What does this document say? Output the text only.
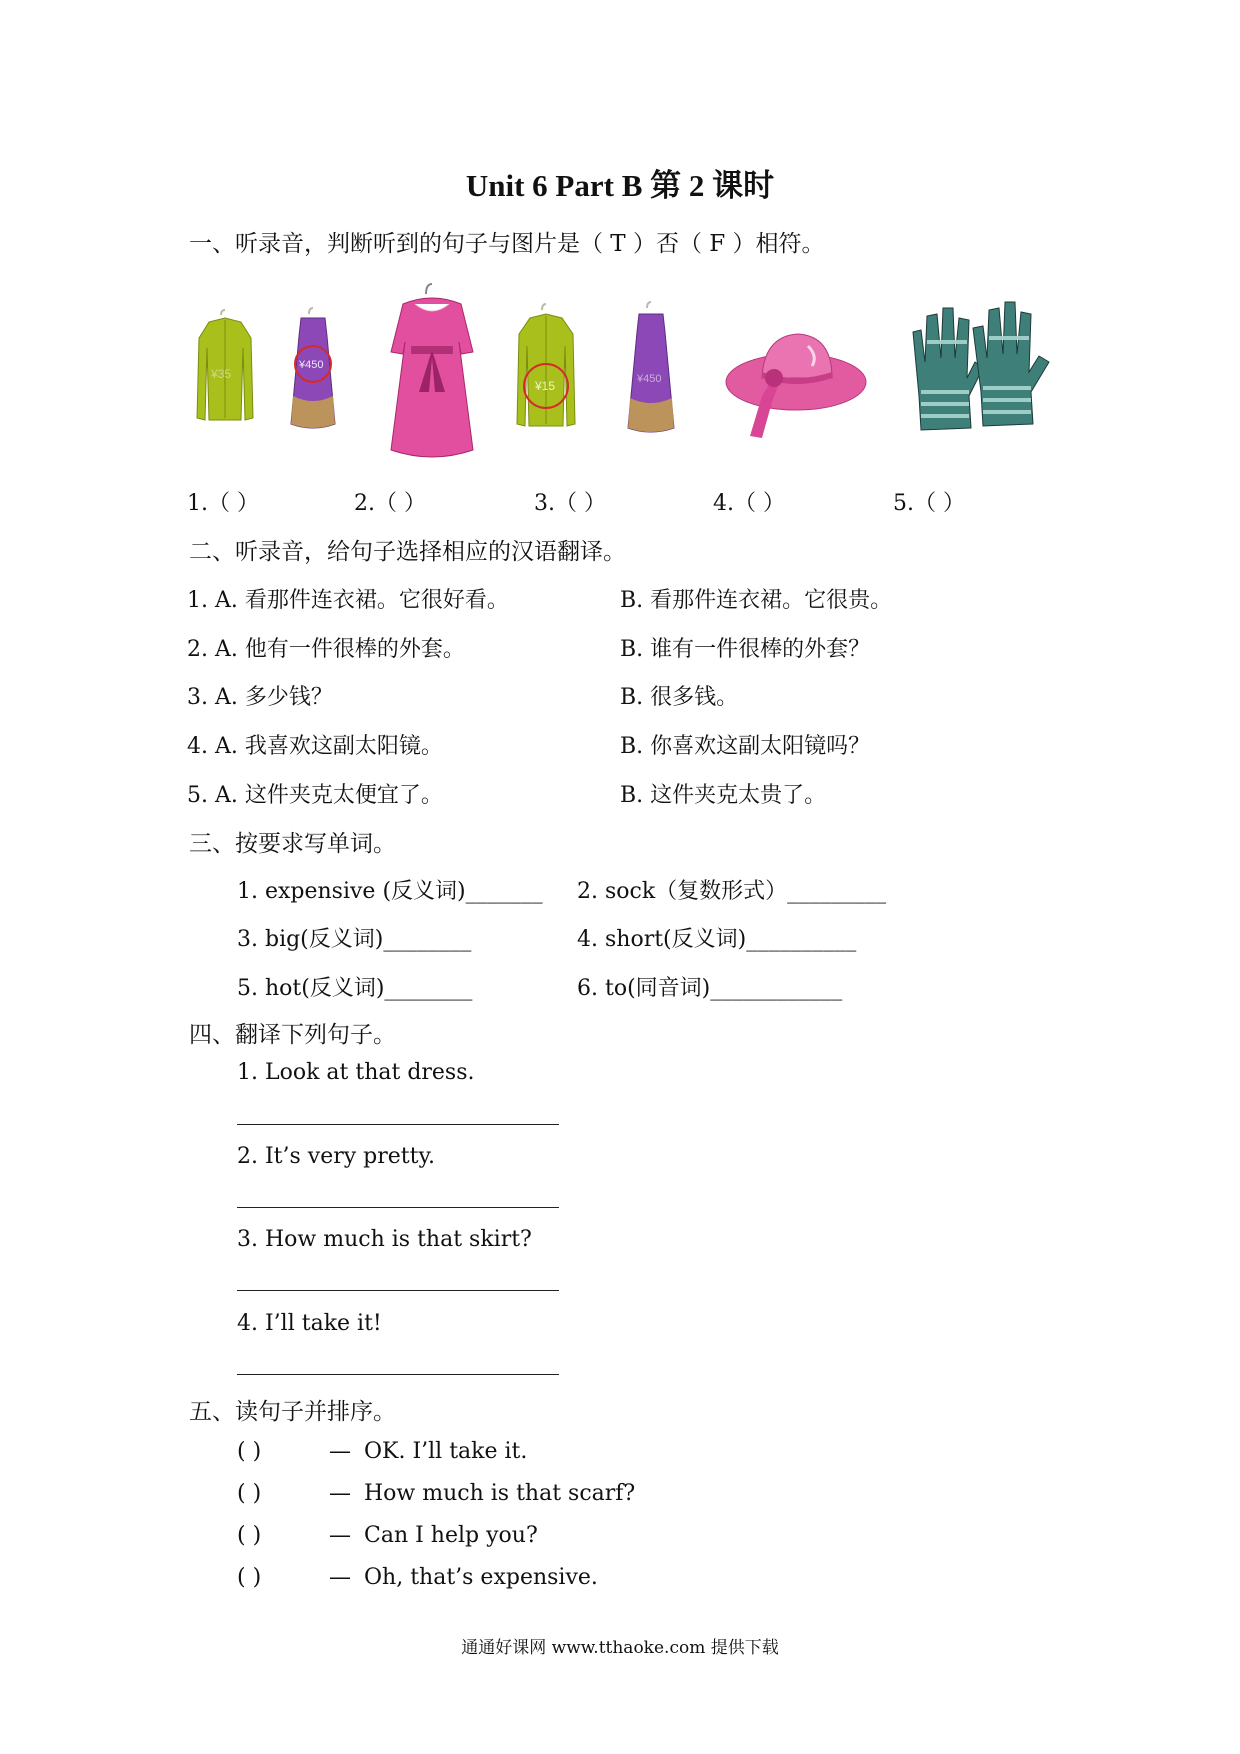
Unit 6 Part B 第 2 课时
一、听录音，判断听到的句子与图片是（ T ）否（ F ）相符。
¥35
¥450
¥15	¥450
1.（ ）	2.（ ）	3.（ ）	4.（ ）	5.（ ）
二、听录音，给句子选择相应的汉语翻译。
1. A. 看那件连衣裙。它很好看。	B. 看那件连衣裙。它很贵。
2. A. 他有一件很棒的外套。	B. 谁有一件很棒的外套？
3. A. 多少钱？	B. 很多钱。
4. A. 我喜欢这副太阳镜。	B. 你喜欢这副太阳镜吗？
5. A. 这件夹克太便宜了。	B. 这件夹克太贵了。
三、按要求写单词。
1. expensive (反义词)_______ 2. sock（复数形式）_________
3. big(反义词)________	4. short(反义词)__________
5. hot(反义词)________	6. to(同音词)____________
四、翻译下列句子。
1. Look at that dress.
2. It’s very pretty.
3. How much is that skirt?
4. I’ll take it!
五、读句子并排序。
( )	— OK. I’ll take it.
( )	— How much is that scarf?
( )	— Can I help you?
( )	— Oh, that’s expensive.
通通好课网 www.tthaoke.com 提供下载
